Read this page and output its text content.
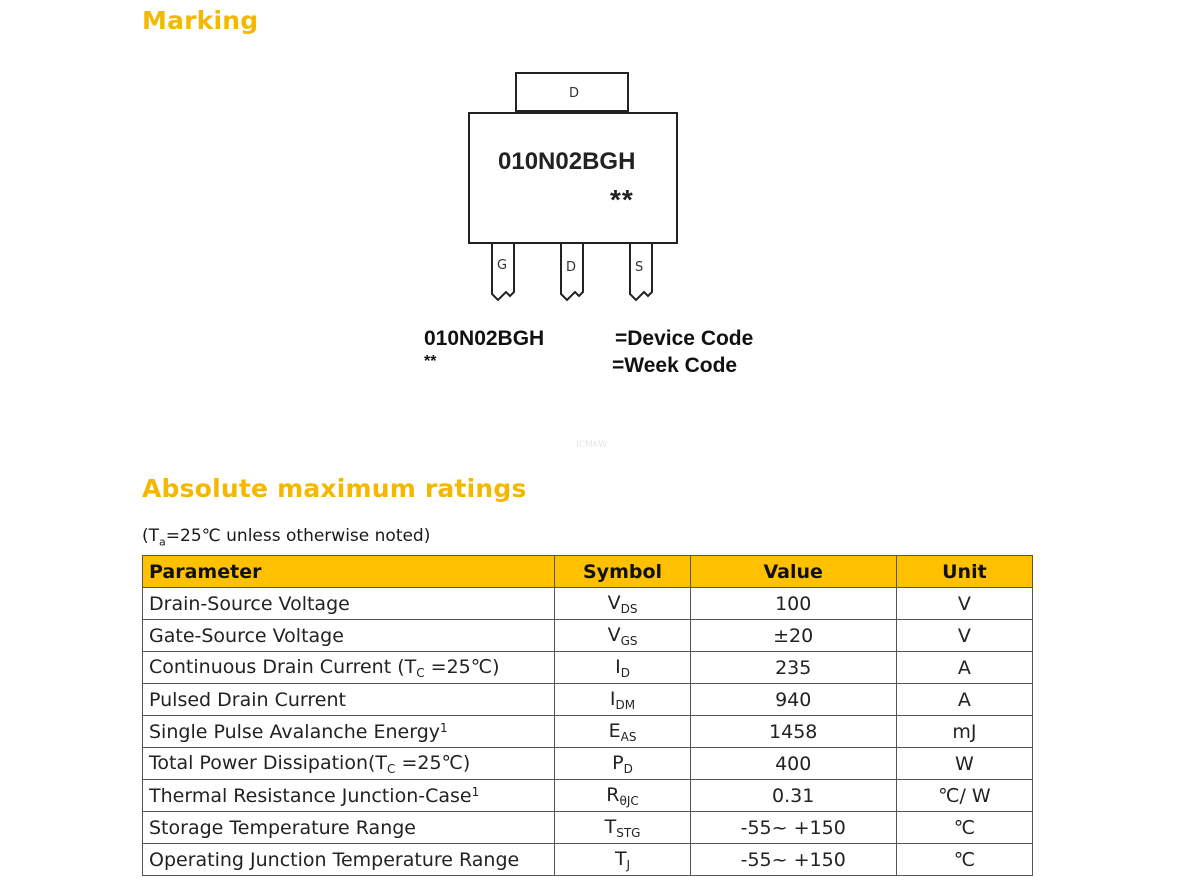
Marking
D
010N02BGH
**
G	D	S
010N02BGH	=Device Code
**	=Week Code
ICMKW
Absolute maximum ratings
($T_a=25℃$ unless otherwise noted)
Parameter	Symbol	Value	Unit
Drain-Source Voltage	$V_{DS}$	100	V
Gate-Source Voltage	$V_{GS}$	±20	V
Continuous Drain Current ($T_C$ =25℃)	$I_D$	235	A
Pulsed Drain Current	$I_{DM}$	940	A
Single Pulse Avalanche Energy$^1$	$E_{AS}$	1458	mJ
Total Power $Dissipation(T_C$ =25℃)	$P_D$	400	W
Thermal Resistance Junction-Case$^1$	$R_{\theta JC}$	0.31	℃/ W
Storage Temperature Range	$T_{STG}$	-55~ +150	℃
Operating Junction Temperature Range	$T_J$	-55~ +150	℃
